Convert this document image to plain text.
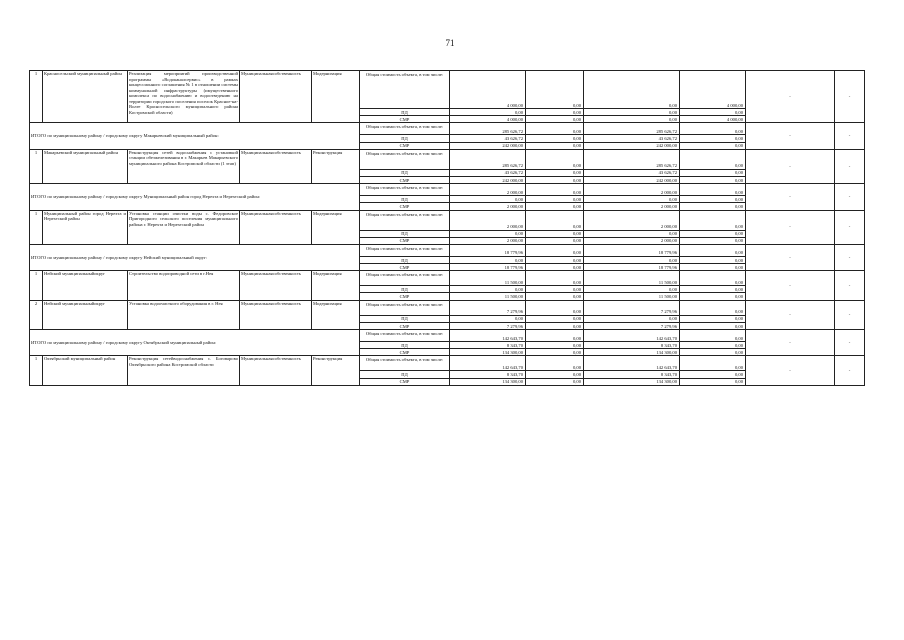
71
1	Красносельский муниципальный район	Реализация мероприятий производственной программы «Водоканалсервис» в рамках концессионного соглашения № 1 в отношении системы коммунальной инфраструктуры (имущественного комплекса по водоснабжению и водоотведению на территории городского поселения поселок Красное-на-Волге Красносельского муниципального района Костромской области)	Муниципальнаясобственность	Модернизация	Общая стоимость объекта, в том числе:	4 000,00	0,00	0,00	4 000,00	-	-

					ПД	0,00	0,00	0,00	0,00		
					СМР	4 000,00	0,00	0,00	4 000,00		
ИТОГО по муниципальному району / городскому округу Макарьевский муниципальный район:					Общая стоимость объекта, в том числе:	285 626,72	0,00	285 626,72	0,00	-	-

					ПД	43 626,72	0,00	43 626,72	0,00		
					СМР	242 000,00	0,00	242 000,00	0,00		
1	Макарьевский муниципальный район	Реконструкция сетей водоснабжения с установкой станции обезжелезивания в г. Макарьев Макарьевского муниципального района Костромской области (1 этап)	Муниципальнаясобственность	Реконструкция	Общая стоимость объекта, в том числе:	285 626,72	0,00	285 626,72	0,00	-	-

					ПД	43 626,72	0,00	43 626,72	0,00		
					СМР	242 000,00	0,00	242 000,00	0,00		
ИТОГО по муниципальному району / городскому округу Муниципальный район город Нерехта и Нерехтский район:					Общая стоимость объекта, в том числе:	2 000,00	0,00	2 000,00	0,00	-	-

					ПД	0,00	0,00	0,00	0,00		
					СМР	2 000,00	0,00	2 000,00	0,00		
1	Муниципальный район город Нерехта и Нерехтский район	Установка станции очистки воды с. Федоровское Пригородного сельского поселения муниципального района г. Нерехта и Нерехтский район	Муниципальнаясобственность	Модернизация	Общая стоимость объекта, в том числе:	2 000,00	0,00	2 000,00	0,00	-	-

					ПД	0,00	0,00	0,00	0,00		
					СМР	2 000,00	0,00	2 000,00	0,00		
ИТОГО по муниципальному району / городскому округу Нейский муниципальный округ:					Общая стоимость объекта, в том числе:	18 779,96	0,00	18 779,96	0,00	-	-

					ПД	0,00	0,00	0,00	0,00		
					СМР	18 779,96	0,00	18 779,96	0,00		
1	Нейский муниципальныйокруг	Строительство водопроводной сети в г.Нея	Муниципальнаясобственность	Модернизация	Общая стоимость объекта, в том числе:	11 500,00	0,00	11 500,00	0,00	-	-

					ПД	0,00	0,00	0,00	0,00		
					СМР	11 500,00	0,00	11 500,00	0,00		
2	Нейский муниципальныйокруг	Установка водоочистного оборудования в г. Нея	Муниципальнаясобственность	Модернизация	Общая стоимость объекта, в том числе:	7 279,96	0,00	7 279,96	0,00	-	-

					ПД	0,00	0,00	0,00	0,00		
					СМР	7 279,96	0,00	7 279,96	0,00		
ИТОГО по муниципальному району / городскому округу Октябрьский муниципальный район:					Общая стоимость объекта, в том числе:	142 643,70	0,00	142 643,70	0,00	-	-

					ПД	8 343,70	0,00	8 343,70	0,00		
					СМР	134 300,00	0,00	134 300,00	0,00		
1	Октябрьский муниципальный район	Реконструкция сетейводоснабжения с. Боговарово Октябрьского района Костромской области	Муниципальнаясобственность	Реконструкция	Общая стоимость объекта, в том числе:	142 643,70	0,00	142 643,70	0,00	-	-

					ПД	8 343,70	0,00	8 343,70	0,00		
					СМР	134 300,00	0,00	134 300,00	0,00		
